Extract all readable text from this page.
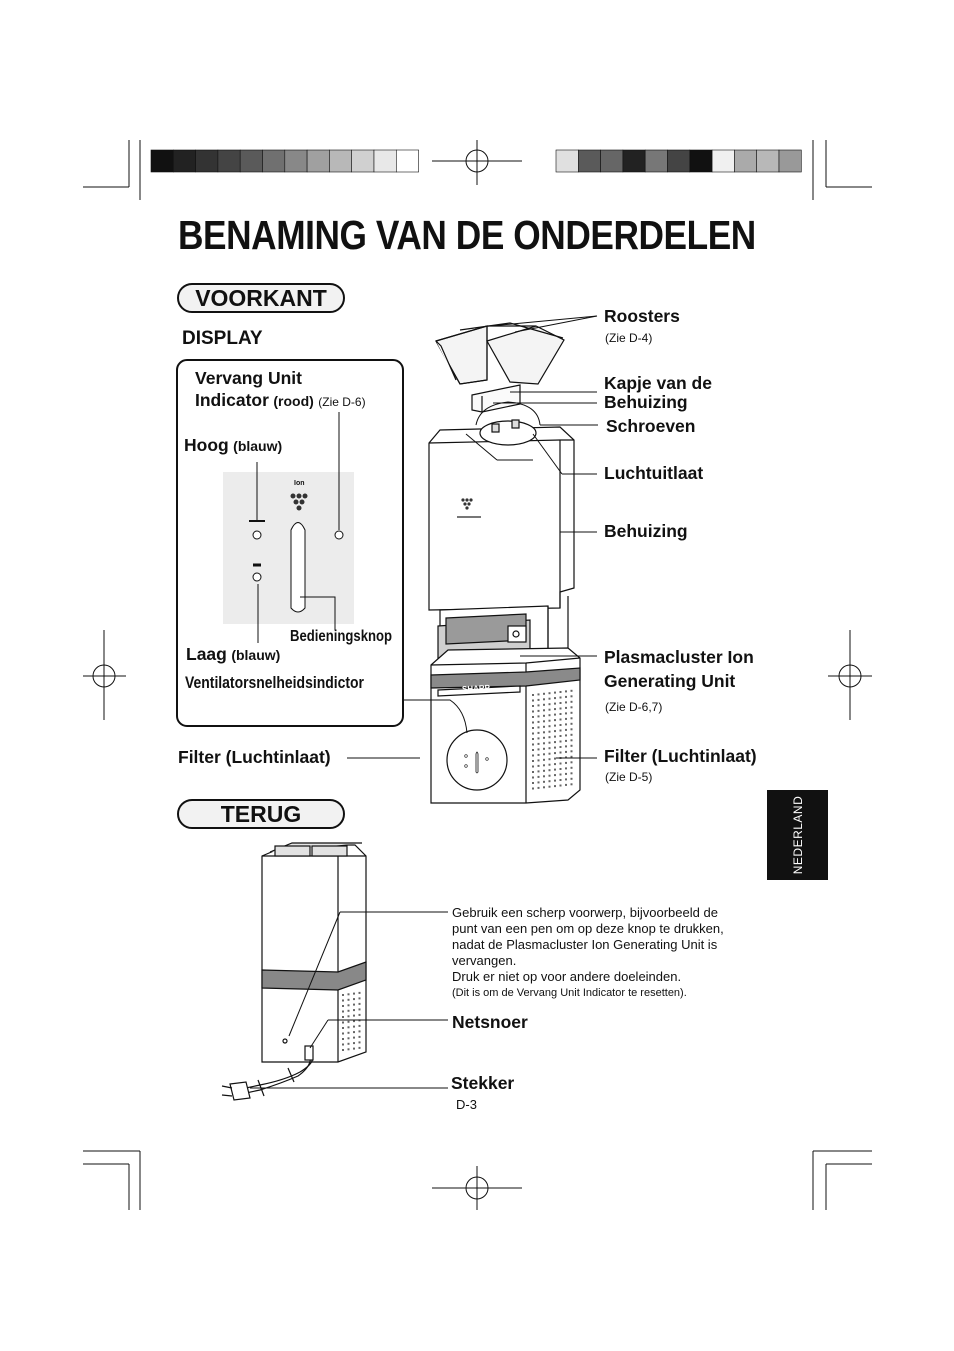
BENAMING VAN DE ONDERDELEN
VOORKANT
TERUG
DISPLAY
Vervang Unit
Indicator (rood) (Zie D-6)
Hoog (blauw)
Ion
Bedieningsknop
Laag (blauw)
Ventilatorsnelheidsindictor
Roosters
(Zie D-4)
Kapje van de
Behuizing
Schroeven
Luchtuitlaat
Behuizing
Plasmacluster Ion
Generating Unit
(Zie D-6,7)
Filter (Luchtinlaat)
(Zie D-5)
Filter (Luchtinlaat)
SHARP
Gebruik een scherp voorwerp, bijvoorbeeld de
punt van een pen om op deze knop te drukken,
nadat de Plasmacluster Ion Generating Unit is
vervangen.
Druk er niet op voor andere doeleinden.
(Dit is om de Vervang Unit Indicator te resetten).
Netsnoer
Stekker
D-3
NEDERLAND
